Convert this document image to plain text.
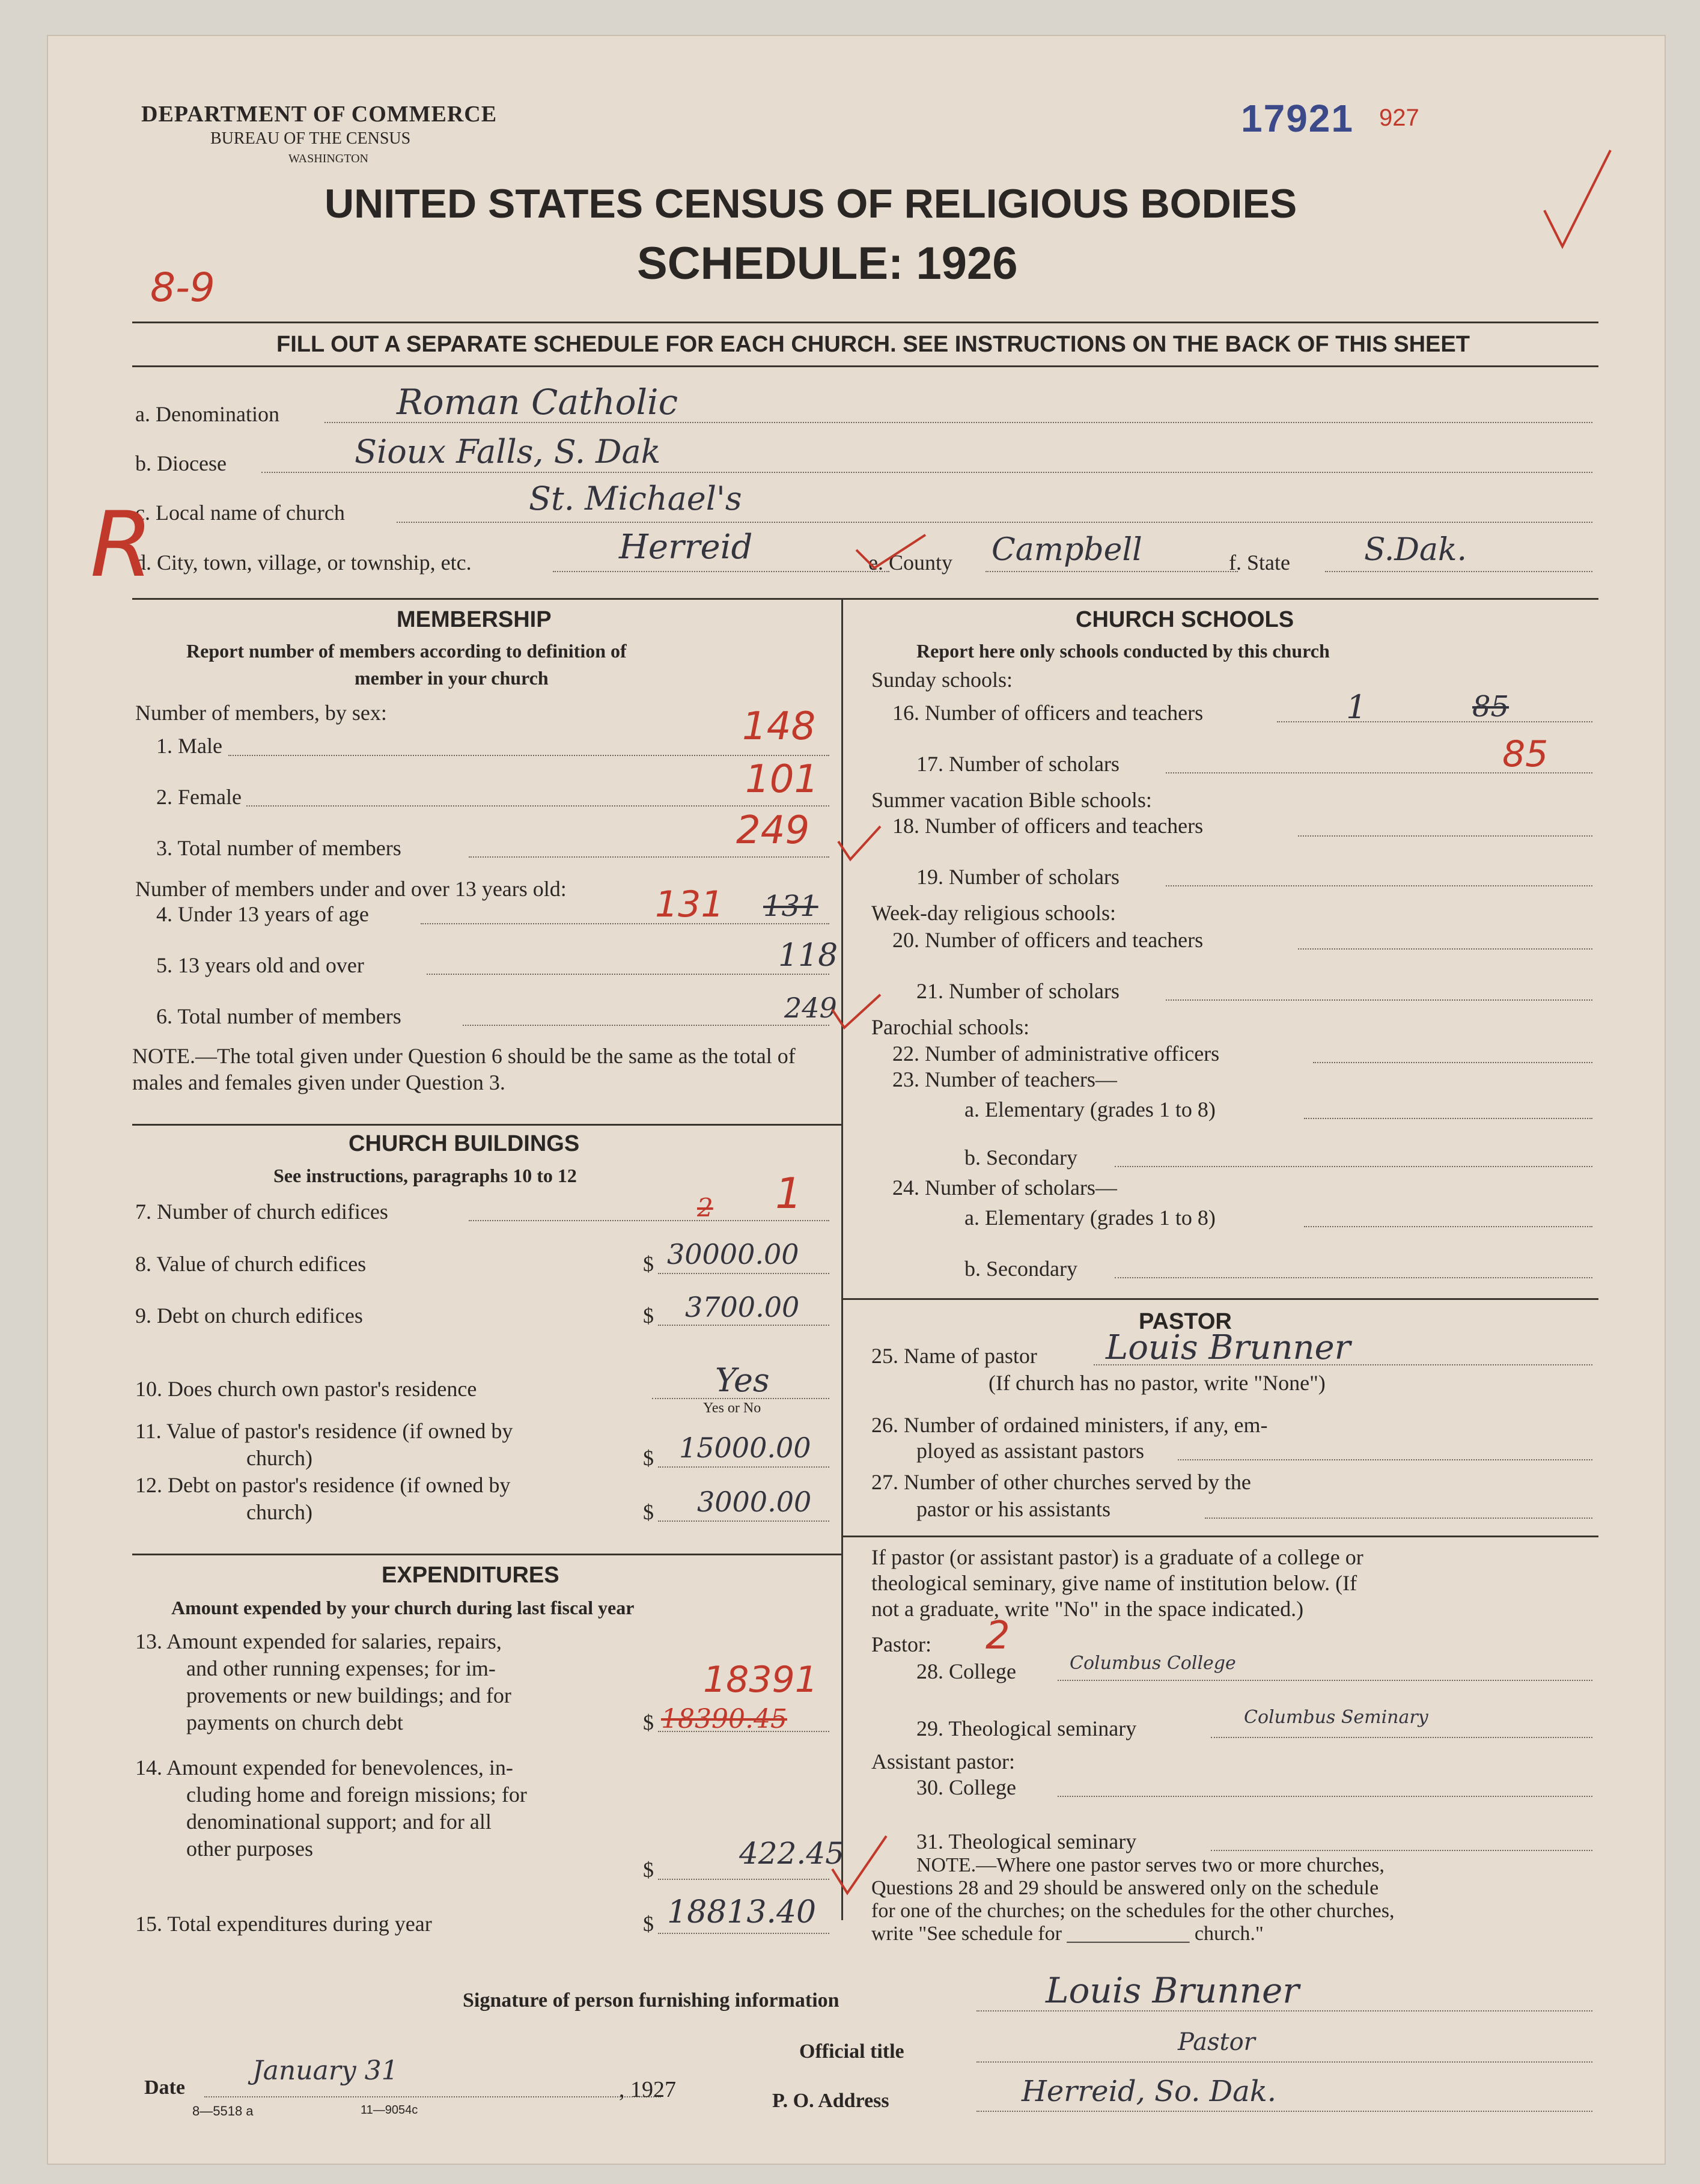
DEPARTMENT OF COMMERCE
BUREAU OF THE CENSUS
WASHINGTON
17921 927
UNITED STATES CENSUS OF RELIGIOUS BODIES
SCHEDULE: 1926
8-9
FILL OUT A SEPARATE SCHEDULE FOR EACH CHURCH. SEE INSTRUCTIONS ON THE BACK OF THIS SHEET
a. Denomination	Roman Catholic
b. Diocese	Sioux Falls, S. Dak
c. Local name of church	St. Michael's
d. City, town, village, or township, etc.	Herreid	e. County Campbell	f. State S.Dak.
R
MEMBERSHIP
Report number of members according to definition of
member in your church
Number of members, by sex:
1. Male	148
2. Female	101
3. Total number of members	249
Number of members under and over 13 years old:
4. Under 13 years of age	131 131
5. 13 years old and over	118
6. Total number of members	249
NOTE.—The total given under Question 6 should be the same as the total of males and females given under Question 3.
CHURCH BUILDINGS
See instructions, paragraphs 10 to 12
7. Number of church edifices	2 1
8. Value of church edifices	$ 30000.00
9. Debt on church edifices	$ 3700.00
10. Does church own pastor's residence	Yes
Yes or No
11. Value of pastor's residence (if owned by
church)	$ 15000.00
12. Debt on pastor's residence (if owned by
church)	$ 3000.00
EXPENDITURES
Amount expended by your church during last fiscal year
13. Amount expended for salaries, repairs,
and other running expenses; for im-
provements or new buildings; and for
payments on church debt	$
18391
18390.45
14. Amount expended for benevolences, in-
cluding home and foreign missions; for
denominational support; and for all
other purposes
$	422.45
15. Total expenditures during year	$ 18813.40
CHURCH SCHOOLS
Report here only schools conducted by this church
Sunday schools:
16. Number of officers and teachers	1	85
17. Number of scholars	85
Summer vacation Bible schools:
18. Number of officers and teachers
19. Number of scholars
Week-day religious schools:
20. Number of officers and teachers
21. Number of scholars
Parochial schools:
22. Number of administrative officers
23. Number of teachers—
a. Elementary (grades 1 to 8)
b. Secondary
24. Number of scholars—
a. Elementary (grades 1 to 8)
b. Secondary
PASTOR
25. Name of pastor Louis Brunner
(If church has no pastor, write "None")
26. Number of ordained ministers, if any, em-
ployed as assistant pastors
27. Number of other churches served by the
pastor or his assistants
If pastor (or assistant pastor) is a graduate of a college or
theological seminary, give name of institution below. (If
not a graduate, write "No" in the space indicated.)
Pastor: 2
28. College	Columbus College
29. Theological seminary	Columbus Seminary
Assistant pastor:
30. College
31. Theological seminary
NOTE.—Where one pastor serves two or more churches,
Questions 28 and 29 should be answered only on the schedule
for one of the churches; on the schedules for the other churches,
write "See schedule for ____________ church."
Signature of person furnishing information	Louis Brunner
Official title	Pastor
Date
January 31
, 1927
8—5518 a	11—9054c	P. O. Address	Herreid, So. Dak.
